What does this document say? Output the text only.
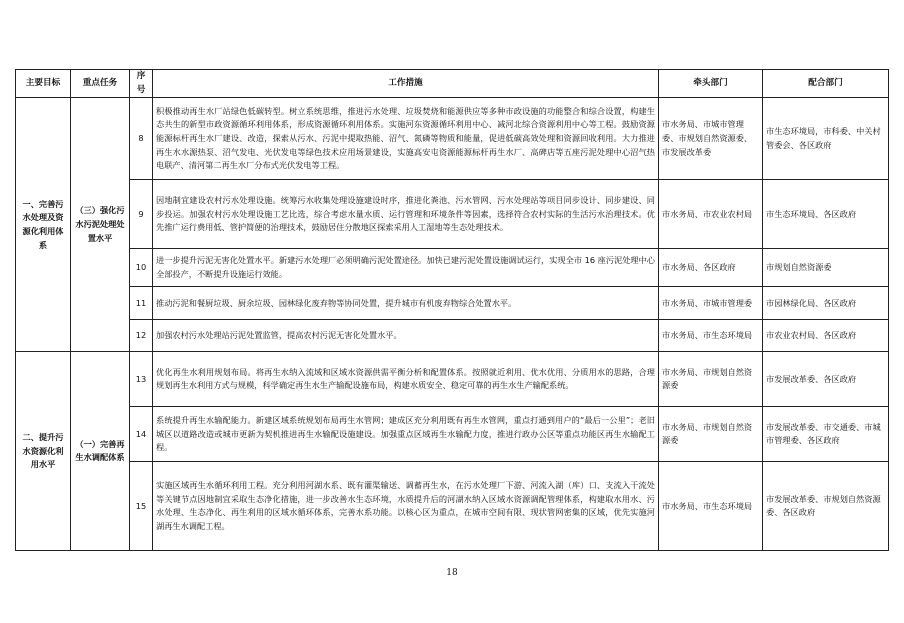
主要目标	重点任务	序号	工作措施	牵头部门	配合部门
一、完善污水处理及资源化利用体系	（三）强化污水污泥处理处置水平	8	积极推动再生水厂站绿色低碳转型。树立系统思维，推进污水处理、垃圾焚烧和能源供应等多种市政设施的功能整合和综合设置，构建生态共生的新型市政资源循环利用体系，形成资源循环利用体系。实施河东资源循环利用中心、减河北综合资源利用中心等工程。鼓励资源能源标杆再生水厂建设、改造，探索从污水、污泥中提取热能、沼气、氮磷等物质和能量，促进低碳高效处理和资源回收利用。大力推进再生水水源热泵、沼气发电、光伏发电等绿色技术应用场景建设，实施高安屯资源能源标杆再生水厂、高碑店等五座污泥处理中心沼气热电联产、清河第二再生水厂分布式光伏发电等工程。	市水务局、市城市管理委、市规划自然资源委、市发展改革委	市生态环境局，市科委、中关村管委会、各区政府
		9	因地制宜建设农村污水处理设施。统筹污水收集处理设施建设时序，推进化粪池、污水管网、污水处理站等项目同步设计、同步建设、同步投运。加强农村污水处理设施工艺比选，综合考虑水量水质、运行管理和环境条件等因素，选择符合农村实际的生活污水治理技术。优先推广运行费用低、管护简便的治理技术，鼓励居住分散地区探索采用人工湿地等生态处理技术。	市水务局、市农业农村局	市生态环境局、各区政府
		10	进一步提升污泥无害化处置水平。新建污水处理厂必须明确污泥处置途径。加快已建污泥处置设施调试运行，实现全市 16 座污泥处理中心全部投产，不断提升设施运行效能。	市水务局、各区政府	市规划自然资源委
		11	推动污泥和餐厨垃圾、厨余垃圾、园林绿化废弃物等协同处置，提升城市有机废弃物综合处置水平。	市水务局、市城市管理委	市园林绿化局、各区政府
		12	加强农村污水处理站污泥处置监管，提高农村污泥无害化处置水平。	市水务局、市生态环境局	市农业农村局、各区政府
二、提升污水资源化利用水平	（一）完善再生水调配体系	13	优化再生水利用规划布局。将再生水纳入流域和区域水资源供需平衡分析和配置体系。按照就近利用、优水优用、分质用水的思路，合理规划再生水利用方式与规模，科学确定再生水生产输配设施布局，构建水质安全、稳定可靠的再生水生产输配系统。	市水务局、市规划自然资源委	市发展改革委、各区政府
		14	系统提升再生水输配能力。新建区域系统规划布局再生水管网；建成区充分利用既有再生水管网，重点打通到用户的“最后一公里”；老旧城区以道路改造或城市更新为契机推进再生水输配设施建设。加强重点区域再生水输配力度，推进行政办公区等重点功能区再生水输配工程。	市水务局、市规划自然资源委	市发展改革委、市交通委、市城市管理委、各区政府
		15	实施区域再生水循环利用工程。充分利用河湖水系、既有灌渠输送、调蓄再生水，在污水处理厂下游、河流入湖（库）口、支流入干流处等关键节点因地制宜采取生态净化措施，进一步改善水生态环境，水质提升后的河湖水纳入区域水资源调配管理体系，构建取水用水、污水处理、生态净化、再生利用的区域水循环体系，完善水系功能。以核心区为重点，在城市空间有限、现状管网密集的区域，优先实施河湖再生水调配工程。	市水务局、市生态环境局	市发展改革委、市规划自然资源委、各区政府
18
